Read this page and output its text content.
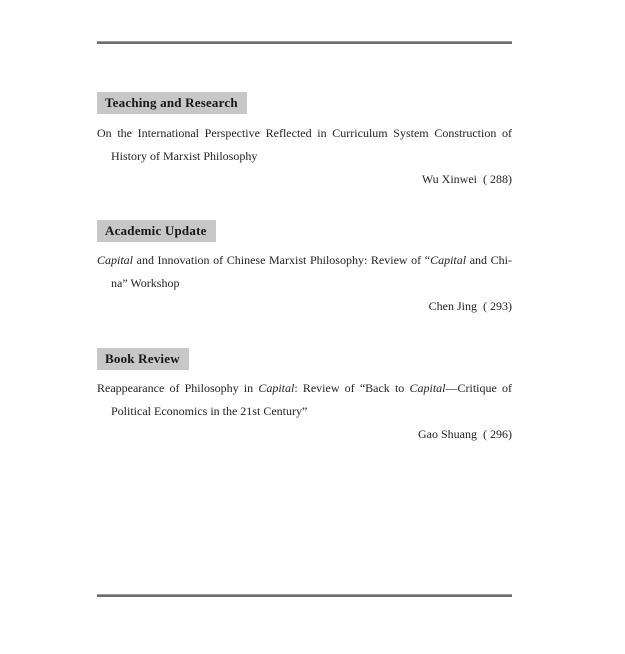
Teaching and Research
On the International Perspective Reflected in Curriculum System Construction of
History of Marxist Philosophy
Wu Xinwei ( 288)
Academic Update
Capital and Innovation of Chinese Marxist Philosophy: Review of “Capital and Chi-
na” Workshop
Chen Jing ( 293)
Book Review
Reappearance of Philosophy in Capital: Review of “Back to Capital—Critique of
Political Economics in the 21st Century”
Gao Shuang ( 296)
